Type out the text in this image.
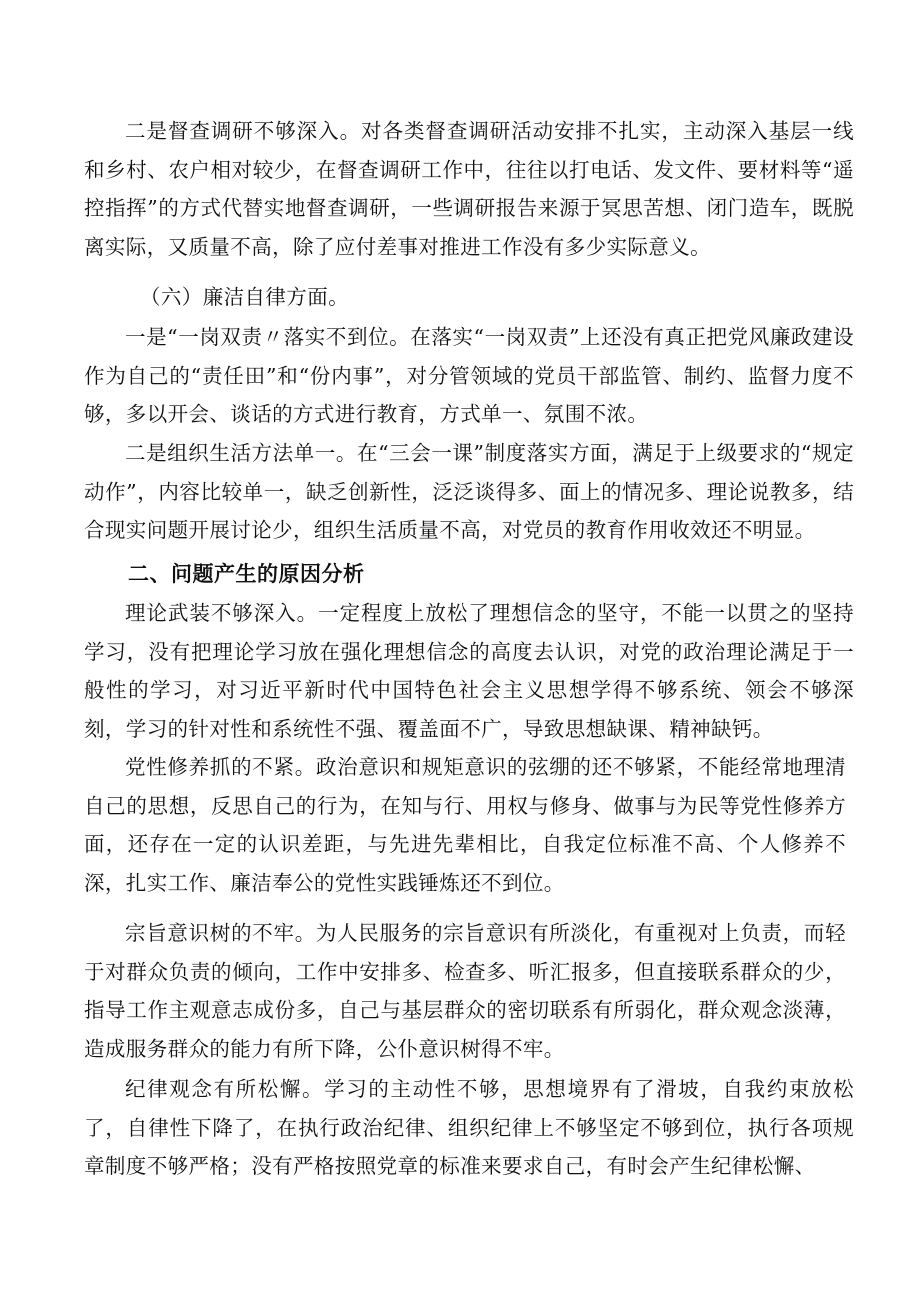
二是督查调研不够深入。对各类督查调研活动安排不扎实，主动深入基层一线和乡村、农户相对较少，在督查调研工作中，往往以打电话、发文件、要材料等“遥控指挥”的方式代替实地督查调研，一些调研报告来源于冥思苦想、闭门造车，既脱离实际，又质量不高，除了应付差事对推进工作没有多少实际意义。

（六）廉洁自律方面。

一是“一岗双责〃落实不到位。在落实“一岗双责”上还没有真正把党风廉政建设作为自己的“责任田”和“份内事”，对分管领域的党员干部监管、制约、监督力度不够，多以开会、谈话的方式进行教育，方式单一、氛围不浓。

二是组织生活方法单一。在“三会一课”制度落实方面，满足于上级要求的“规定动作”，内容比较单一，缺乏创新性，泛泛谈得多、面上的情况多、理论说教多，结合现实问题开展讨论少，组织生活质量不高，对党员的教育作用收效还不明显。

二、问题产生的原因分析

理论武装不够深入。一定程度上放松了理想信念的坚守，不能一以贯之的坚持学习，没有把理论学习放在强化理想信念的高度去认识，对党的政治理论满足于一般性的学习，对习近平新时代中国特色社会主义思想学得不够系统、领会不够深刻，学习的针对性和系统性不强、覆盖面不广，导致思想缺课、精神缺钙。

党性修养抓的不紧。政治意识和规矩意识的弦绷的还不够紧，不能经常地理清自己的思想，反思自己的行为，在知与行、用权与修身、做事与为民等党性修养方面，还存在一定的认识差距，与先进先辈相比，自我定位标准不高、个人修养不深，扎实工作、廉洁奉公的党性实践锤炼还不到位。

宗旨意识树的不牢。为人民服务的宗旨意识有所淡化，有重视对上负责，而轻于对群众负责的倾向，工作中安排多、检查多、听汇报多，但直接联系群众的少，指导工作主观意志成份多，自己与基层群众的密切联系有所弱化，群众观念淡薄，造成服务群众的能力有所下降，公仆意识树得不牢。

纪律观念有所松懈。学习的主动性不够，思想境界有了滑坡，自我约束放松了，自律性下降了，在执行政治纪律、组织纪律上不够坚定不够到位，执行各项规章制度不够严格；没有严格按照党章的标准来要求自己，有时会产生纪律松懈、
